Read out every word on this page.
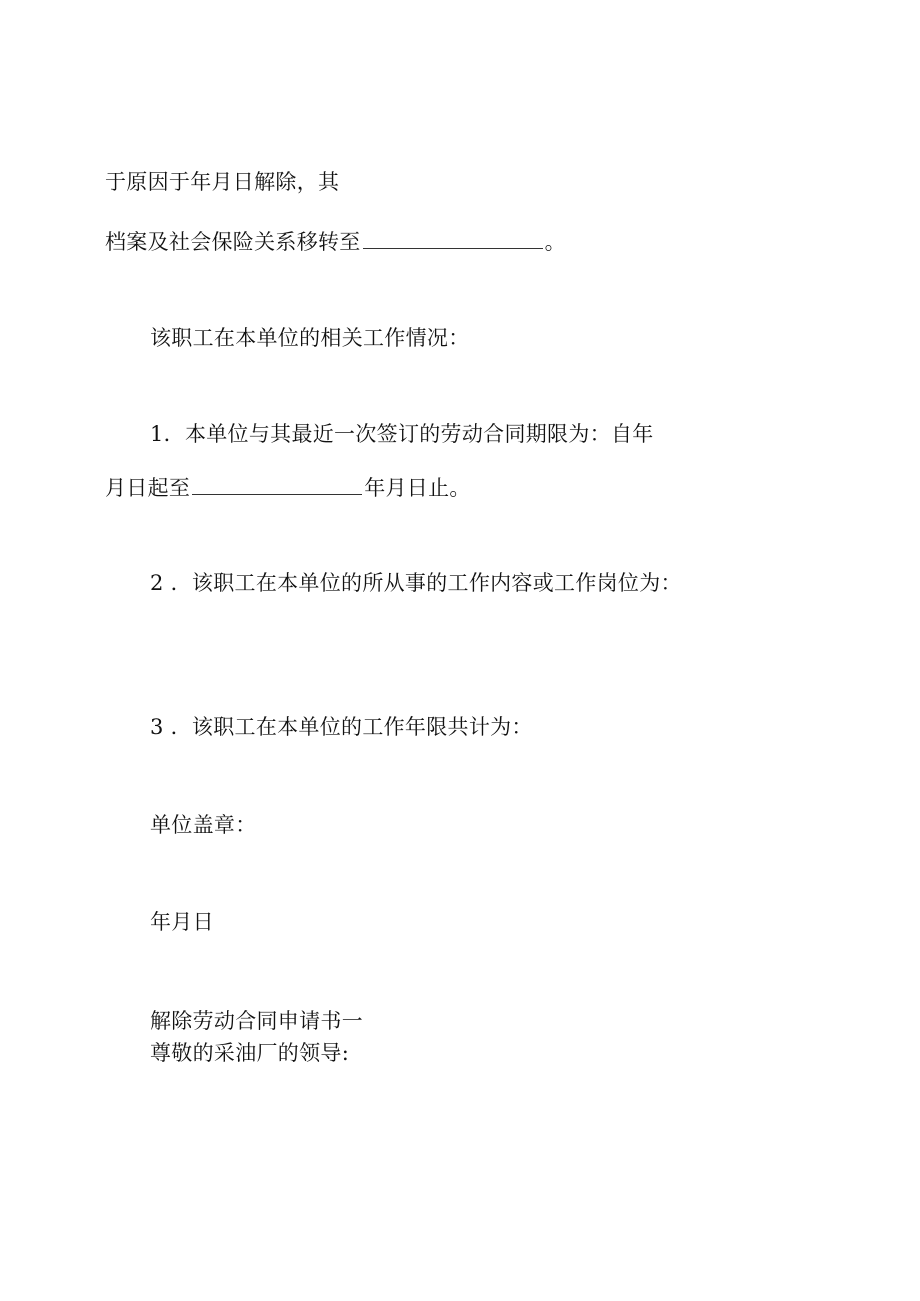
于原因于年月日解除，其
档案及社会保险关系移转至	。
该职工在本单位的相关工作情况：
1．本单位与其最近一次签订的劳动合同期限为：自年
月日起至	年月日止。
2 ．该职工在本单位的所从事的工作内容或工作岗位为：
3 ．该职工在本单位的工作年限共计为：
单位盖章：
年月日
解除劳动合同申请书一
尊敬的采油厂的领导:
